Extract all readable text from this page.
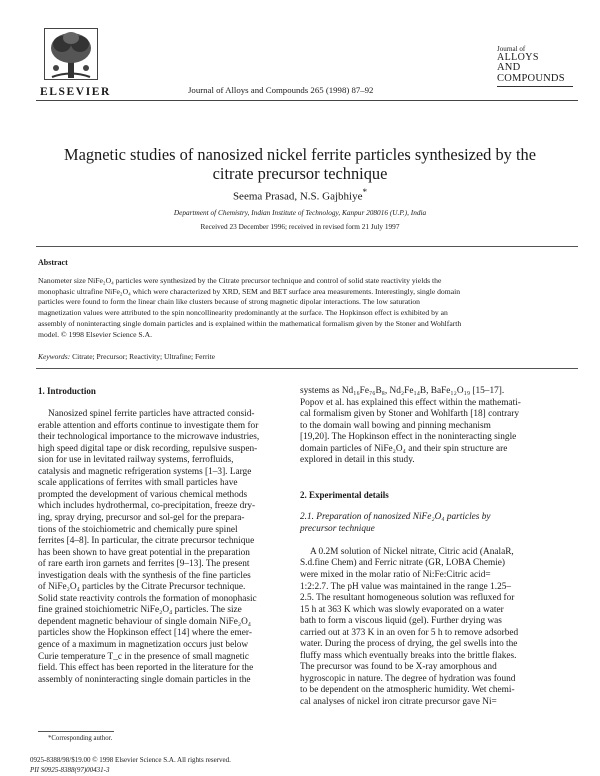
ELSEVIER	Journal of Alloys and Compounds 265 (1998) 87–92
Journal of
ALLOYS
AND COMPOUNDS
Magnetic studies of nanosized nickel ferrite particles synthesized by the
citrate precursor technique
Seema Prasad, N.S. Gajbhiye*
Department of Chemistry, Indian Institute of Technology, Kanpur 208016 (U.P.), India
Received 23 December 1996; received in revised form 21 July 1997
Abstract
Nanometer size NiFe₂O₄ particles were synthesized by the Citrate precursor technique and control of solid state reactivity yields the
monophasic ultrafine NiFe₂O₄ which were characterized by XRD, SEM and BET surface area measurements. Interestingly, single domain
particles were found to form the linear chain like clusters because of strong magnetic dipolar interactions. The low saturation
magnetization values were attributed to the spin noncollinearity predominantly at the surface. The Hopkinson effect is exhibited by an
assembly of noninteracting single domain particles and is explained within the mathematical formalism given by the Stoner and Wohlfarth
model. © 1998 Elsevier Science S.A.
Keywords: Citrate; Precursor; Reactivity; Ultrafine; Ferrite

1. Introduction

Nanosized spinel ferrite particles have attracted consid-

erable attention and efforts continue to investigate them for

their technological importance to the microwave industries,

high speed digital tape or disk recording, repulsive suspen-

sion for use in levitated railway systems, ferrofluids,

catalysis and magnetic refrigeration systems [1–3]. Large

scale applications of ferrites with small particles have

prompted the development of various chemical methods

which includes hydrothermal, co-precipitation, freeze dry-

ing, spray drying, precursor and sol-gel for the prepara-

tions of the stoichiometric and chemically pure spinel

ferrites [4–8]. In particular, the citrate precursor technique

has been shown to have great potential in the preparation

of rare earth iron garnets and ferrites [9–13]. The present

investigation deals with the synthesis of the fine particles

of NiFe₂O₄ particles by the Citrate Precursor technique.

Solid state reactivity controls the formation of monophasic

fine grained stoichiometric NiFe₂O₄ particles. The size

dependent magnetic behaviour of single domain NiFe₂O₄

particles show the Hopkinson effect [14] where the emer-

gence of a maximum in magnetization occurs just below

Curie temperature T_c in the presence of small magnetic

field. This effect has been reported in the literature for the

assembly of noninteracting single domain particles in the

systems as Nd₁₆Fe₇₆B₈, Nd₂Fe₁₄B, BaFe₁₂O₁₉ [15–17].

Popov et al. has explained this effect within the mathemati-

cal formalism given by Stoner and Wohlfarth [18] contrary

to the domain wall bowing and pinning mechanism

[19,20]. The Hopkinson effect in the noninteracting single

domain particles of NiFe₂O₄ and their spin structure are

explored in detail in this study.

2. Experimental details

2.1. Preparation of nanosized NiFe₂O₄ particles by

precursor technique

A 0.2M solution of Nickel nitrate, Citric acid (AnalaR,

S.d.fine Chem) and Ferric nitrate (GR, LOBA Chemie)

were mixed in the molar ratio of Ni:Fe:Citric acid=

1:2:2.7. The pH value was maintained in the range 1.25–

2.5. The resultant homogeneous solution was refluxed for

15 h at 363 K which was slowly evaporated on a water

bath to form a viscous liquid (gel). Further drying was

carried out at 373 K in an oven for 5 h to remove adsorbed

water. During the process of drying, the gel swells into the

fluffy mass which eventually breaks into the brittle flakes.

The precursor was found to be X-ray amorphous and

hygroscopic in nature. The degree of hydration was found

to be dependent on the atmospheric humidity. Wet chemi-

cal analyses of nickel iron citrate precursor gave Ni=

*Corresponding author.
0925-8388/98/$19.00 © 1998 Elsevier Science S.A. All rights reserved.
PII S0925-8388(97)00431-3
